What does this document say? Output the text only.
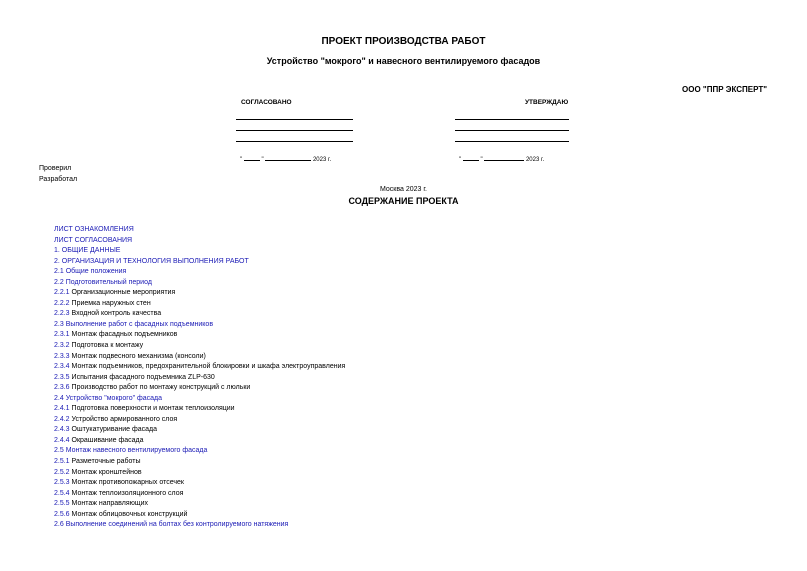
ПРОЕКТ ПРОИЗВОДСТВА РАБОТ
Устройство "мокрого" и навесного вентилируемого фасадов
ООО "ППР ЭКСПЕРТ"
СОГЛАСОВАНО
"	"	2023 г.
УТВЕРЖДАЮ
"	"	2023 г.
Проверил
Разработал
Москва 2023 г.
СОДЕРЖАНИЕ ПРОЕКТА
ЛИСТ ОЗНАКОМЛЕНИЯ
ЛИСТ СОГЛАСОВАНИЯ
1. ОБЩИЕ ДАННЫЕ
2. ОРГАНИЗАЦИЯ И ТЕХНОЛОГИЯ ВЫПОЛНЕНИЯ РАБОТ
2.1 Общие положения
2.2 Подготовительный период
2.2.1 Организационные мероприятия
2.2.2 Приемка наружных стен
2.2.3 Входной контроль качества
2.3 Выполнение работ с фасадных подъемников
2.3.1 Монтаж фасадных подъемников
2.3.2 Подготовка к монтажу
2.3.3 Монтаж подвесного механизма (консоли)
2.3.4 Монтаж подъемников, предохранительной блокировки и шкафа электроуправления
2.3.5 Испытания фасадного подъемника ZLP-630
2.3.6 Производство работ по монтажу конструкций с люльки
2.4 Устройство "мокрого" фасада
2.4.1 Подготовка поверхности и монтаж теплоизоляции
2.4.2 Устройство армированного слоя
2.4.3 Оштукатуривание фасада
2.4.4 Окрашивание фасада
2.5 Монтаж навесного вентилируемого фасада
2.5.1 Разметочные работы
2.5.2 Монтаж кронштейнов
2.5.3 Монтаж противопожарных отсечек
2.5.4 Монтаж теплоизоляционного слоя
2.5.5 Монтаж направляющих
2.5.6 Монтаж облицовочных конструкций
2.6 Выполнение соединений на болтах без контролируемого натяжения
